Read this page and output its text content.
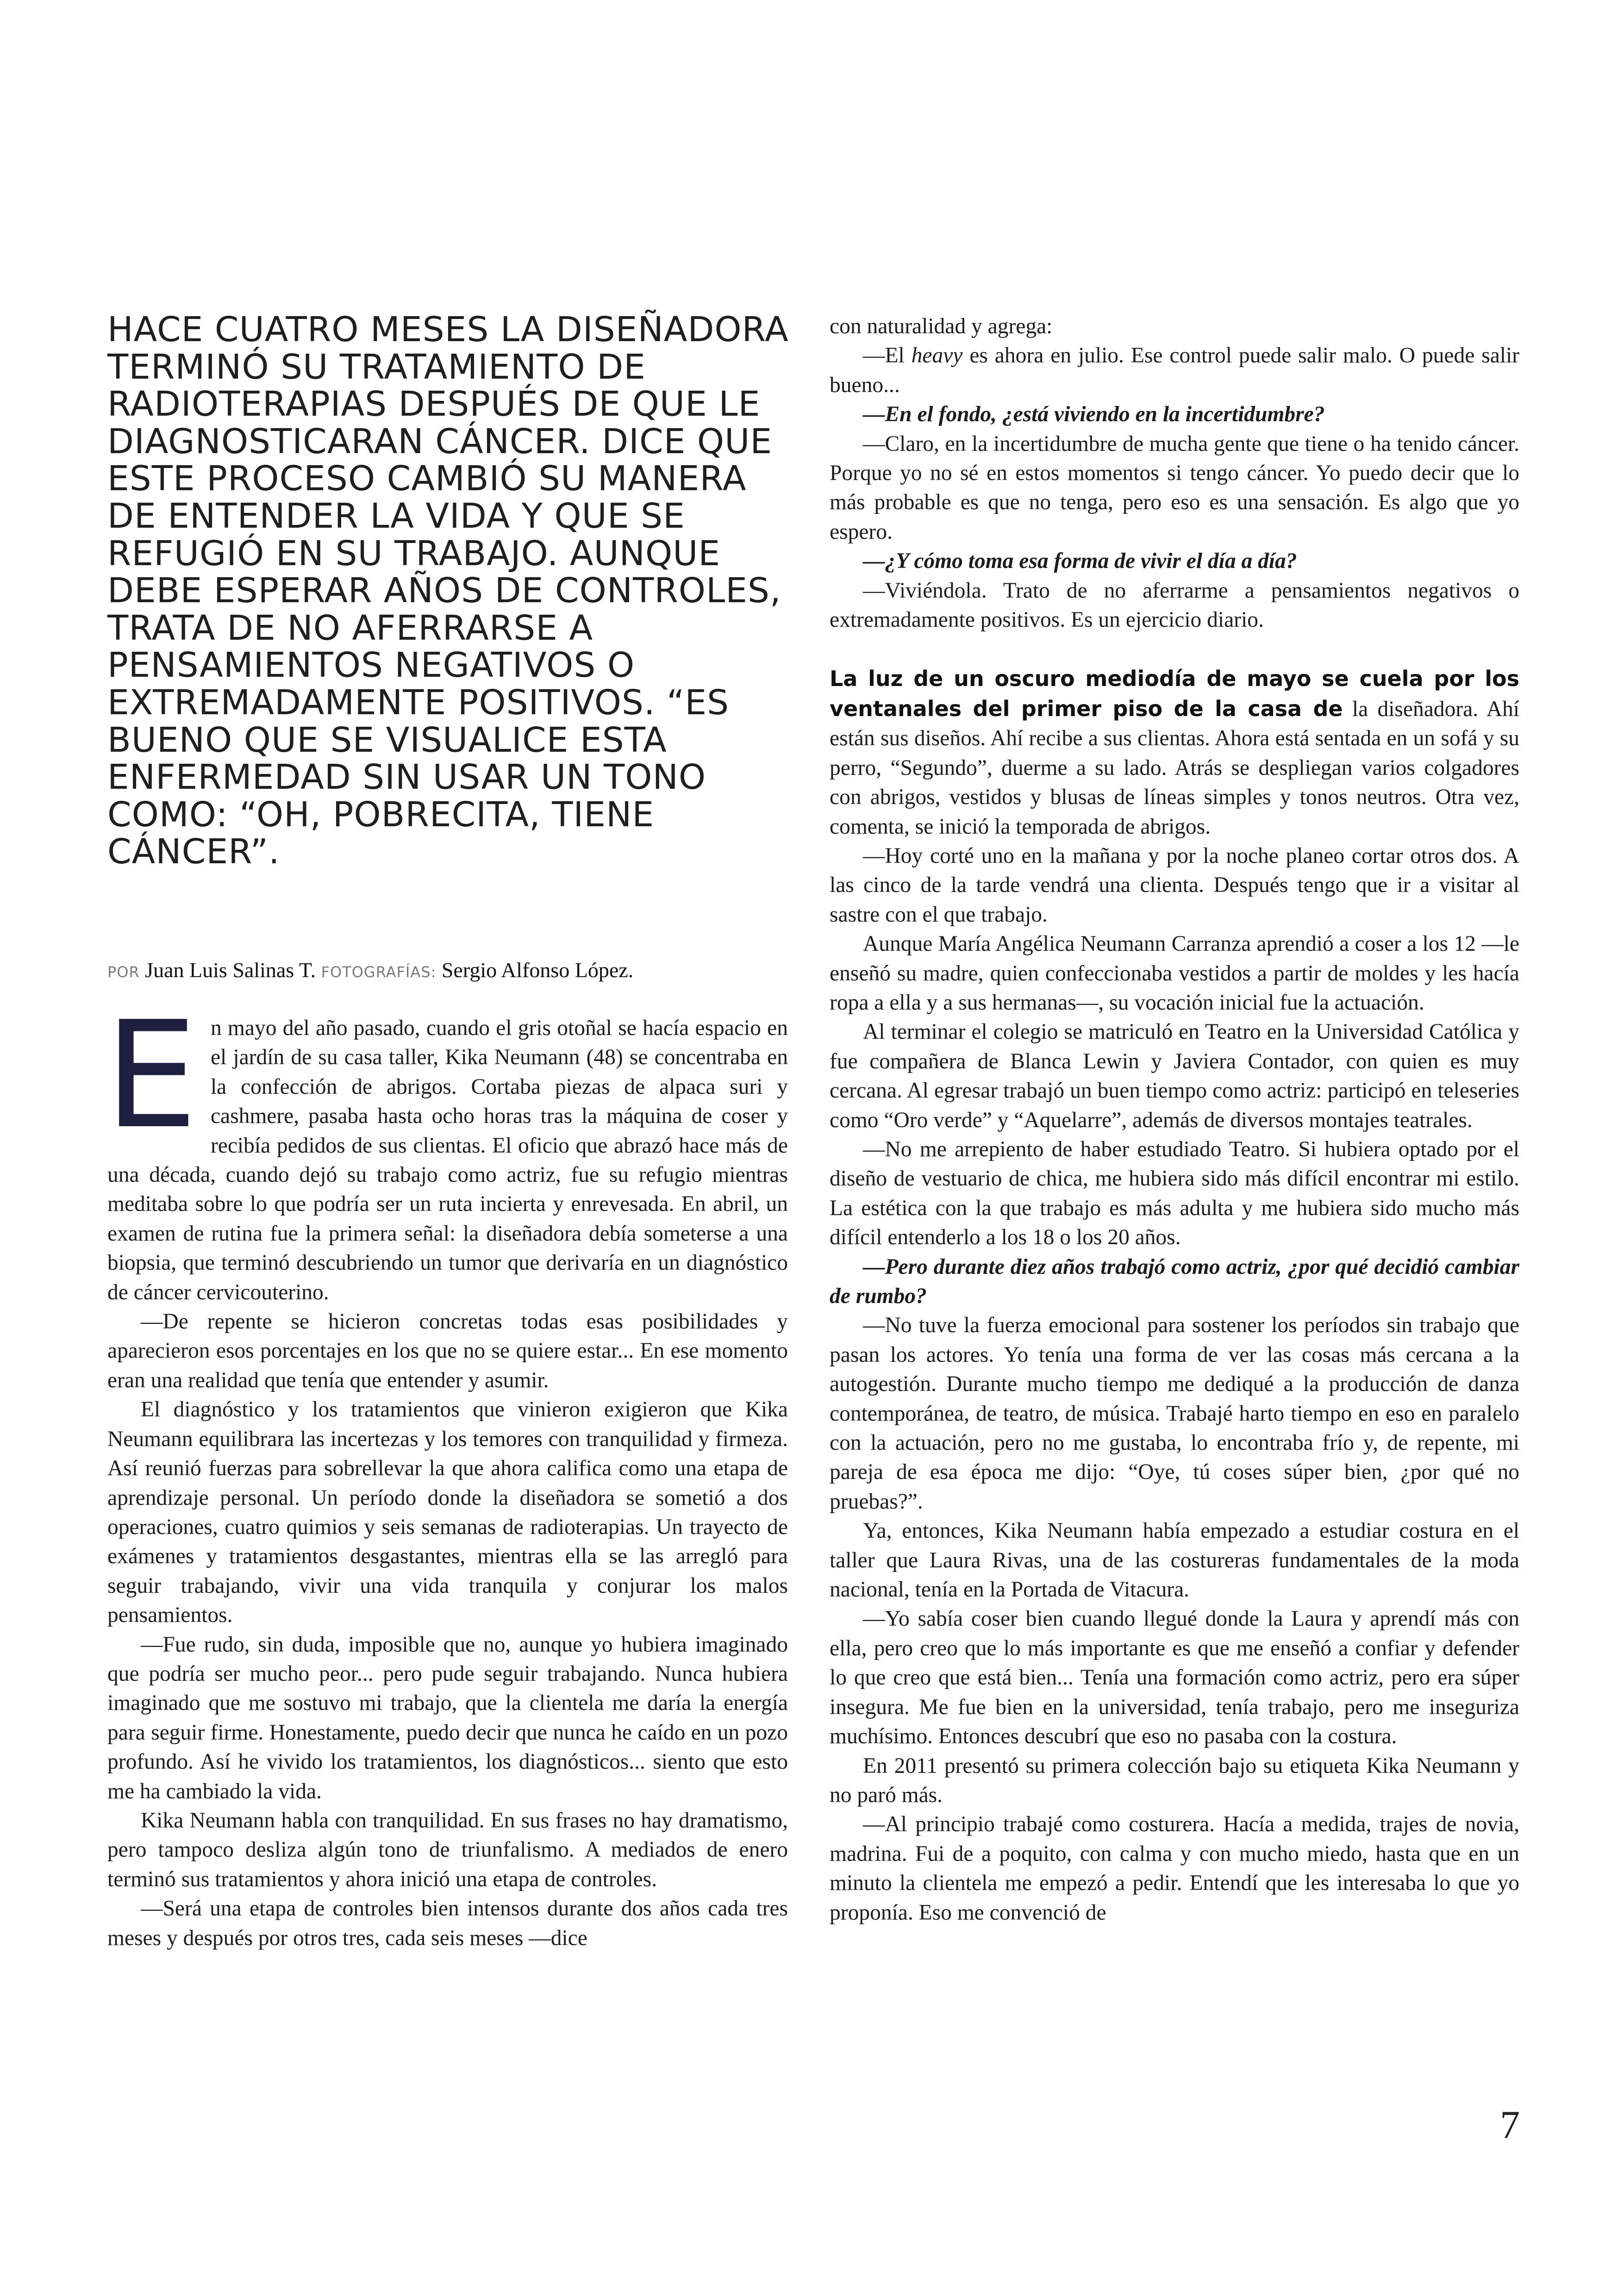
HACE CUATRO MESES LA DISEÑADORA TERMINÓ SU TRATAMIENTO DE RADIOTERAPIAS DESPUÉS DE QUE LE DIAGNOSTICARAN CÁNCER. DICE QUE ESTE PROCESO CAMBIÓ SU MANERA DE ENTENDER LA VIDA Y QUE SE REFUGIÓ EN SU TRABAJO. AUNQUE DEBE ESPERAR AÑOS DE CONTROLES, TRATA DE NO AFERRARSE A PENSAMIENTOS NEGATIVOS O EXTREMADAMENTE POSITIVOS. “ES BUENO QUE SE VISUALICE ESTA ENFERMEDAD SIN USAR UN TONO COMO: “OH, POBRECITA, TIENE CÁNCER”.

POR Juan Luis Salinas T. FOTOGRAFÍAS: Sergio Alfonso López.

En mayo del año pasado, cuando el gris otoñal se hacía espacio en el jardín de su casa taller, Kika Neumann (48) se concentraba en la confección de abrigos. Cortaba piezas de alpaca suri y cashmere, pasaba hasta ocho horas tras la máquina de coser y recibía pedidos de sus clientas. El oficio que abrazó hace más de una década, cuando dejó su trabajo como actriz, fue su refugio mientras meditaba sobre lo que podría ser un ruta incierta y enrevesada. En abril, un examen de rutina fue la primera señal: la diseñadora debía someterse a una biopsia, que terminó descubriendo un tumor que derivaría en un diagnóstico de cáncer cervicouterino.

—De repente se hicieron concretas todas esas posibilidades y aparecieron esos porcentajes en los que no se quiere estar... En ese momento eran una realidad que tenía que entender y asumir.

El diagnóstico y los tratamientos que vinieron exigieron que Kika Neumann equilibrara las incertezas y los temores con tranquilidad y firmeza. Así reunió fuerzas para sobrellevar la que ahora califica como una etapa de aprendizaje personal. Un período donde la diseñadora se sometió a dos operaciones, cuatro quimios y seis semanas de radioterapias. Un trayecto de exámenes y tratamientos desgastantes, mientras ella se las arregló para seguir trabajando, vivir una vida tranquila y conjurar los malos pensamientos.

—Fue rudo, sin duda, imposible que no, aunque yo hubiera imaginado que podría ser mucho peor... pero pude seguir trabajando. Nunca hubiera imaginado que me sostuvo mi trabajo, que la clientela me daría la energía para seguir firme. Honestamente, puedo decir que nunca he caído en un pozo profundo. Así he vivido los tratamientos, los diagnósticos... siento que esto me ha cambiado la vida.

Kika Neumann habla con tranquilidad. En sus frases no hay dramatismo, pero tampoco desliza algún tono de triunfalismo. A mediados de enero terminó sus tratamientos y ahora inició una etapa de controles.

—Será una etapa de controles bien intensos durante dos años cada tres meses y después por otros tres, cada seis meses —dice

con naturalidad y agrega:

—El heavy es ahora en julio. Ese control puede salir malo. O puede salir bueno...

—En el fondo, ¿está viviendo en la incertidumbre?

—Claro, en la incertidumbre de mucha gente que tiene o ha tenido cáncer. Porque yo no sé en estos momentos si tengo cáncer. Yo puedo decir que lo más probable es que no tenga, pero eso es una sensación. Es algo que yo espero.

—¿Y cómo toma esa forma de vivir el día a día?

—Viviéndola. Trato de no aferrarme a pensamientos negativos o extremadamente positivos. Es un ejercicio diario.

La luz de un oscuro mediodía de mayo se cuela por los ventanales del primer piso de la casa de la diseñadora. Ahí están sus diseños. Ahí recibe a sus clientas. Ahora está sentada en un sofá y su perro, “Segundo”, duerme a su lado. Atrás se despliegan varios colgadores con abrigos, vestidos y blusas de líneas simples y tonos neutros. Otra vez, comenta, se inició la temporada de abrigos.

—Hoy corté uno en la mañana y por la noche planeo cortar otros dos. A las cinco de la tarde vendrá una clienta. Después tengo que ir a visitar al sastre con el que trabajo.

Aunque María Angélica Neumann Carranza aprendió a coser a los 12 —le enseñó su madre, quien confeccionaba vestidos a partir de moldes y les hacía ropa a ella y a sus hermanas—, su vocación inicial fue la actuación.

Al terminar el colegio se matriculó en Teatro en la Universidad Católica y fue compañera de Blanca Lewin y Javiera Contador, con quien es muy cercana. Al egresar trabajó un buen tiempo como actriz: participó en teleseries como “Oro verde” y “Aquelarre”, además de diversos montajes teatrales.

—No me arrepiento de haber estudiado Teatro. Si hubiera optado por el diseño de vestuario de chica, me hubiera sido más difícil encontrar mi estilo. La estética con la que trabajo es más adulta y me hubiera sido mucho más difícil entenderlo a los 18 o los 20 años.

—Pero durante diez años trabajó como actriz, ¿por qué decidió cambiar de rumbo?

—No tuve la fuerza emocional para sostener los períodos sin trabajo que pasan los actores. Yo tenía una forma de ver las cosas más cercana a la autogestión. Durante mucho tiempo me dediqué a la producción de danza contemporánea, de teatro, de música. Trabajé harto tiempo en eso en paralelo con la actuación, pero no me gustaba, lo encontraba frío y, de repente, mi pareja de esa época me dijo: “Oye, tú coses súper bien, ¿por qué no pruebas?”.

Ya, entonces, Kika Neumann había empezado a estudiar costura en el taller que Laura Rivas, una de las costureras fundamentales de la moda nacional, tenía en la Portada de Vitacura.

—Yo sabía coser bien cuando llegué donde la Laura y aprendí más con ella, pero creo que lo más importante es que me enseñó a confiar y defender lo que creo que está bien... Tenía una formación como actriz, pero era súper insegura. Me fue bien en la universidad, tenía trabajo, pero me inseguriza muchísimo. Entonces descubrí que eso no pasaba con la costura.

En 2011 presentó su primera colección bajo su etiqueta Kika Neumann y no paró más.

—Al principio trabajé como costurera. Hacía a medida, trajes de novia, madrina. Fui de a poquito, con calma y con mucho miedo, hasta que en un minuto la clientela me empezó a pedir. Entendí que les interesaba lo que yo proponía. Eso me convenció de

7
